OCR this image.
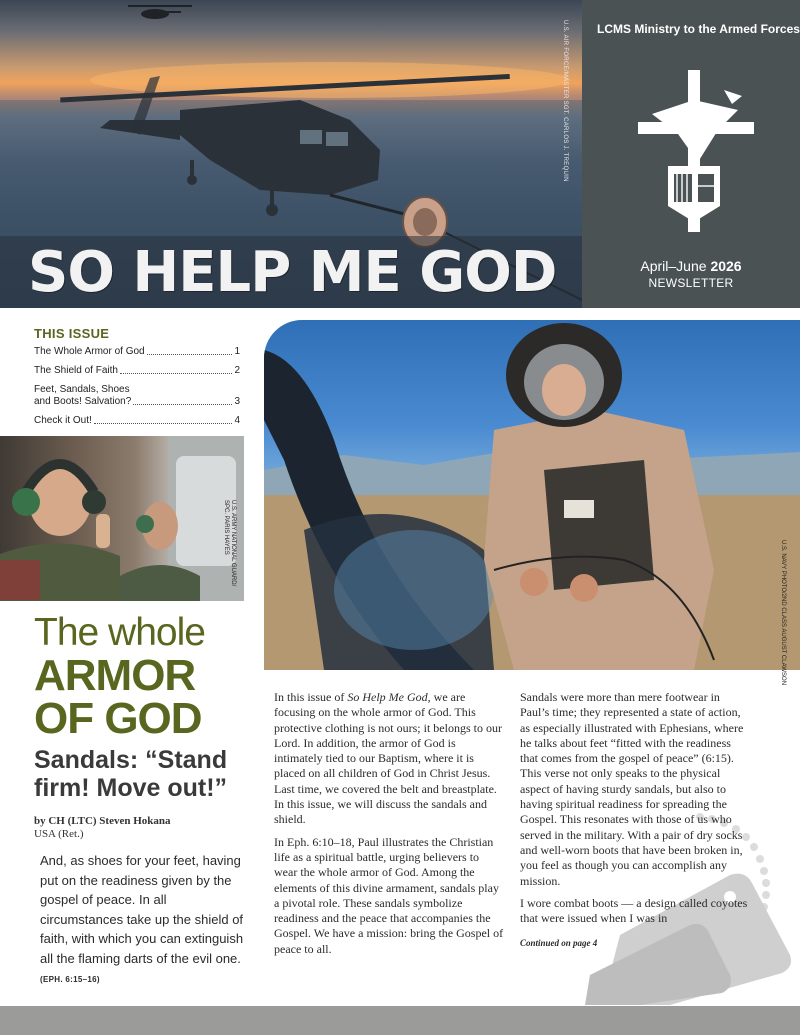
SO HELP ME GOD
U.S. AIR FORCE/MASTER SGT. CARLOS J. TREQUIN LCMS Ministry to the Armed Forces
April–June 2026
NEWSLETTER
THIS ISSUE
The Whole Armor of God	1
The Shield of Faith	2
Feet, Sandals, Shoes
and Boots! Salvation?	3
Check it Out!	4
U.S. ARMY NATIONAL GUARD/
SPC. PARIS HAYES	U.S. NAVY PHOTO/2ND CLASS AUGUST CLAWSON
The whole
ARMOR
OF GOD
Sandals: “Stand firm! Move out!”
by CH (LTC) Steven Hokana
USA (Ret.)
And, as shoes for your feet, having put on the readiness given by the gospel of peace. In all circumstances take up the shield of faith, with which you can extinguish all the flaming darts of the evil one. (EPH. 6:15–16)

In this issue of So Help Me God, we are focusing on the whole armor of God. This protective clothing is not ours; it belongs to our Lord. In addition, the armor of God is intimately tied to our Baptism, where it is placed on all children of God in Christ Jesus. Last time, we covered the belt and breastplate. In this issue, we will discuss the sandals and shield.

In Eph. 6:10–18, Paul illustrates the Christian life as a spiritual battle, urging believers to wear the whole armor of God. Among the elements of this divine armament, sandals play a pivotal role. These sandals symbolize readiness and the peace that accompanies the Gospel. We have a mission: bring the Gospel of peace to all.

Sandals were more than mere footwear in Paul’s time; they represented a state of action, as especially illustrated with Ephesians, where he talks about feet “fitted with the readiness that comes from the gospel of peace” (6:15). This verse not only speaks to the physical aspect of having sturdy sandals, but also to having spiritual readiness for spreading the Gospel. This resonates with those of us who served in the military. With a pair of dry socks and well-worn boots that have been broken in, you feel as though you can accomplish any mission.

I wore combat boots — a design called coyotes that were issued when I was in

Continued on page 4
